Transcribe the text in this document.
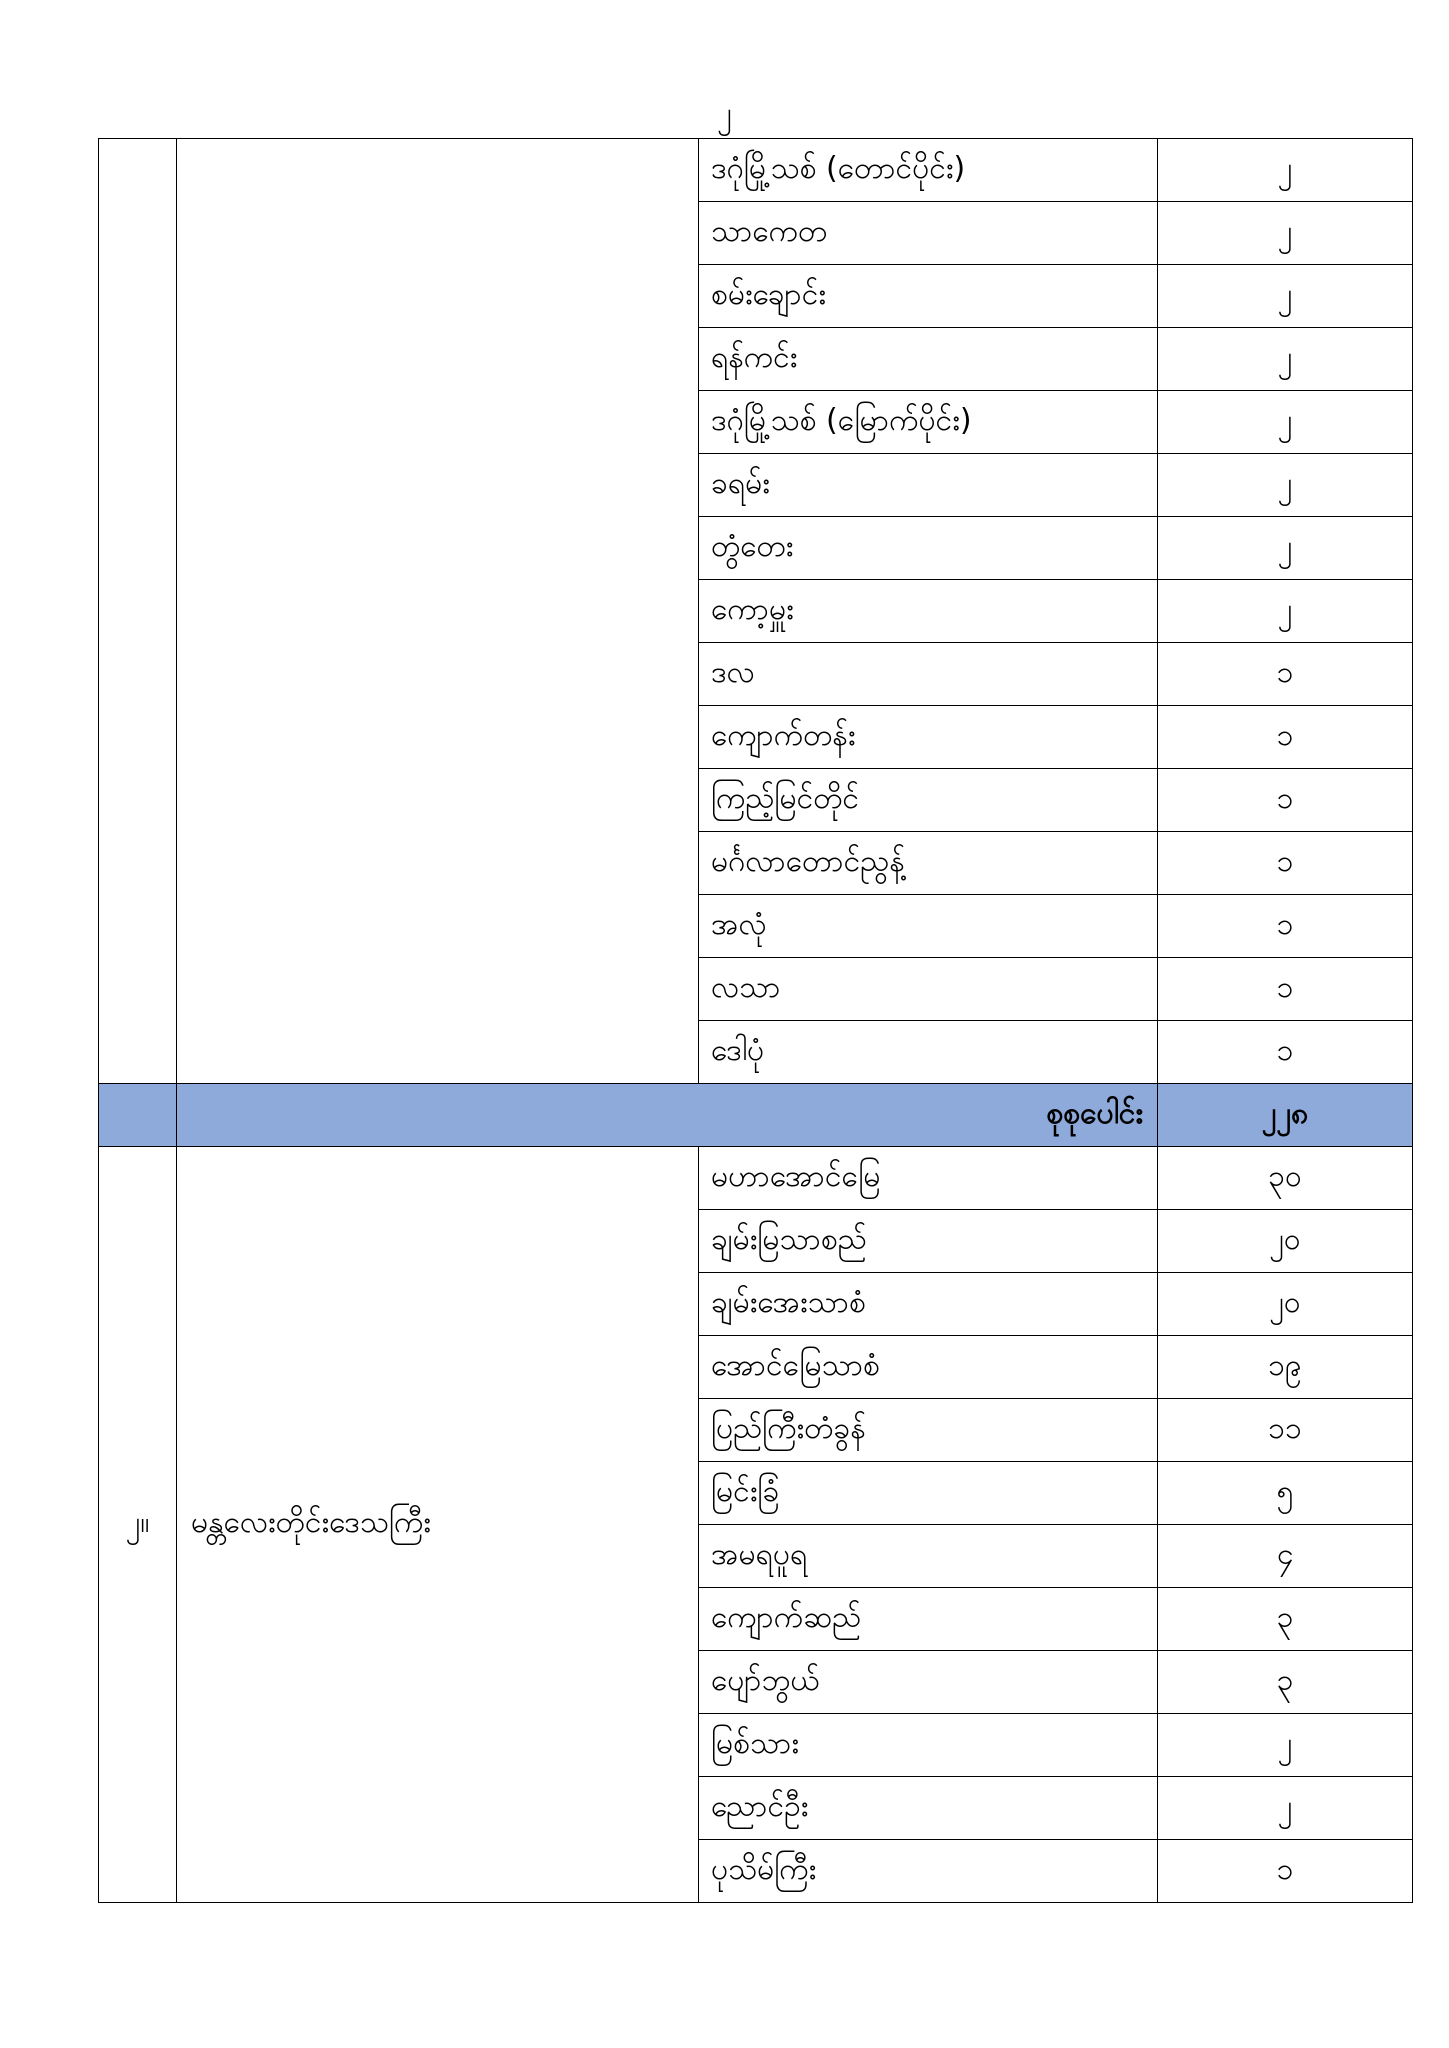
၂
		ဒဂုံမြို့သစ် (တောင်ပိုင်း)	၂
		သာကေတ	၂
		စမ်းချောင်း	၂
		ရန်ကင်း	၂
		ဒဂုံမြို့သစ် (မြောက်ပိုင်း)	၂
		ခရမ်း	၂
		တွံတေး	၂
		ကော့မှူး	၂
		ဒလ	၁
		ကျောက်တန်း	၁
		ကြည့်မြင်တိုင်	၁
		မင်္ဂလာတောင်ညွန့်	၁
		အလုံ	၁
		လသာ	၁
		ဒေါပုံ	၁
	စုစုပေါင်း		၂၂၈
၂။	မန္တလေးတိုင်းဒေသကြီး	မဟာအောင်မြေ	၃၀
		ချမ်းမြသာစည်	၂၀
		ချမ်းအေးသာစံ	၂၀
		အောင်မြေသာစံ	၁၉
		ပြည်ကြီးတံခွန်	၁၁
		မြင်းခြံ	၅
		အမရပူရ	၄
		ကျောက်ဆည်	၃
		ပျော်ဘွယ်	၃
		မြစ်သား	၂
		ညောင်ဦး	၂
		ပုသိမ်ကြီး	၁
